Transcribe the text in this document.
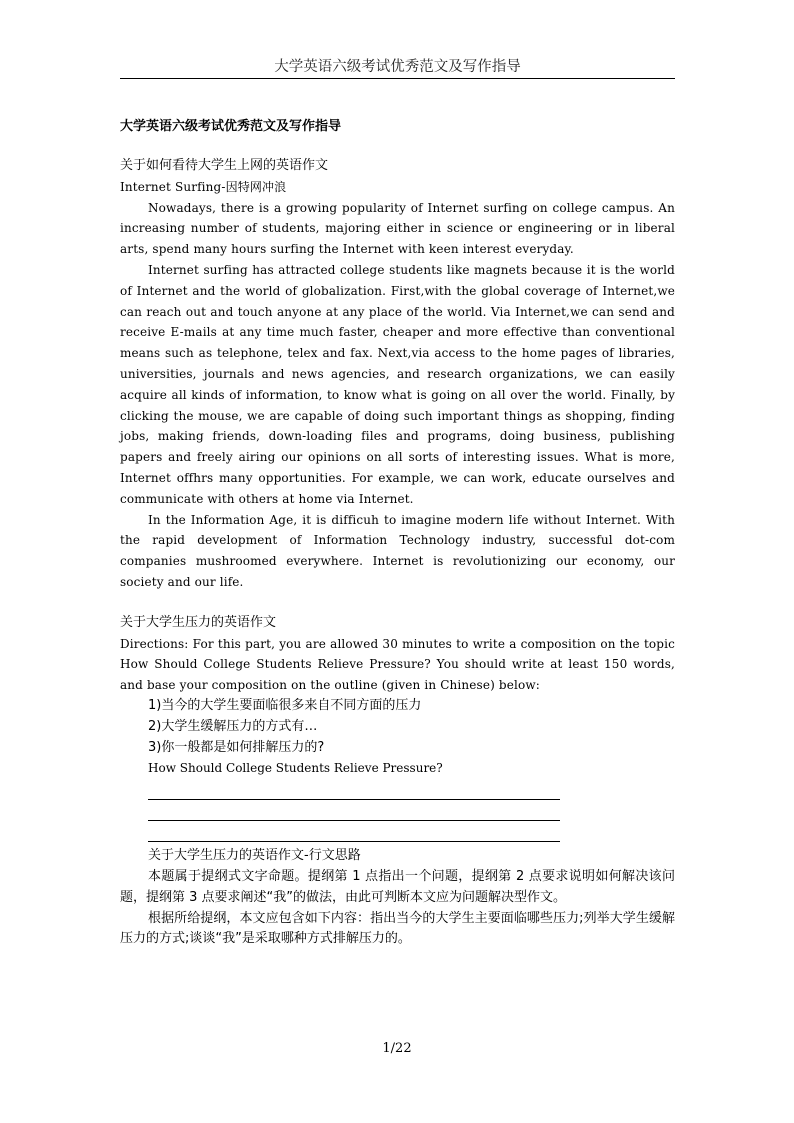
大学英语六级考试优秀范文及写作指导

大学英语六级考试优秀范文及写作指导

关于如何看待大学生上网的英语作文

Internet Surfing-因特网冲浪

Nowadays, there is a growing popularity of Internet surfing on college campus. An increasing number of students, majoring either in science or engineering or in liberal arts, spend many hours surfing the Internet with keen interest everyday.

Internet surfing has attracted college students like magnets because it is the world of Internet and the world of globalization. First,with the global coverage of Internet,we can reach out and touch anyone at any place of the world. Via Internet,we can send and receive E-mails at any time much faster, cheaper and more effective than conventional means such as telephone, telex and fax. Next,via access to the home pages of libraries, universities, journals and news agencies, and research organizations, we can easily acquire all kinds of information, to know what is going on all over the world. Finally, by clicking the mouse, we are capable of doing such important things as shopping, finding jobs, making friends, down-loading files and programs, doing business, publishing papers and freely airing our opinions on all sorts of interesting issues. What is more, Internet offhrs many opportunities. For example, we can work, educate ourselves and communicate with others at home via Internet.

In the Information Age, it is difficuh to imagine modern life without Internet. With the rapid development of Information Technology industry, successful dot-com companies mushroomed everywhere. Internet is revolutionizing our economy, our society and our life.

关于大学生压力的英语作文

Directions: For this part, you are allowed 30 minutes to write a composition on the topic How Should College Students Relieve Pressure? You should write at least 150 words, and base your composition on the outline (given in Chinese) below:

1)当今的大学生要面临很多来自不同方面的压力

2)大学生缓解压力的方式有…

3)你一般都是如何排解压力的?

How Should College Students Relieve Pressure?

关于大学生压力的英语作文-行文思路

本题属于提纲式文字命题。提纲第 1 点指出一个问题，提纲第 2 点要求说明如何解决该问题，提纲第 3 点要求阐述“我”的做法，由此可判断本文应为问题解决型作文。

根据所给提纲，本文应包含如下内容：指出当今的大学生主要面临哪些压力;列举大学生缓解压力的方式;谈谈“我”是采取哪种方式排解压力的。

1/22
